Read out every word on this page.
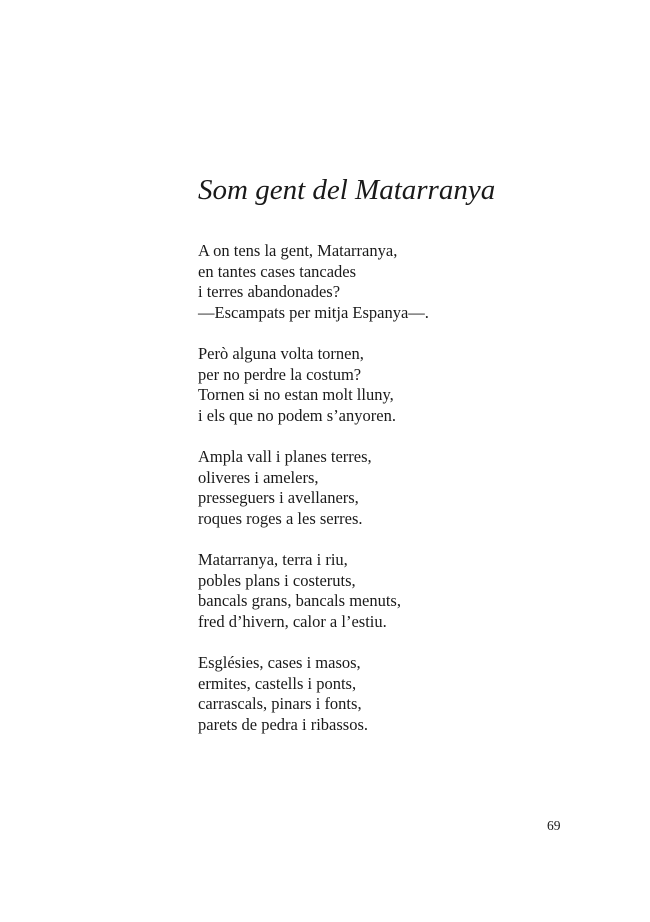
Som gent del Matarranya

A on tens la gent, Matarranya,
en tantes cases tancades
i terres abandonades?
—Escampats per mitja Espanya—.

Però alguna volta tornen,
per no perdre la costum?
Tornen si no estan molt lluny,
i els que no podem s’anyoren.

Ampla vall i planes terres,
oliveres i amelers,
presseguers i avellaners,
roques roges a les serres.

Matarranya, terra i riu,
pobles plans i costeruts,
bancals grans, bancals menuts,
fred d’hivern, calor a l’estiu.

Esglésies, cases i masos,
ermites, castells i ponts,
carrascals, pinars i fonts,
parets de pedra i ribassos.

69
